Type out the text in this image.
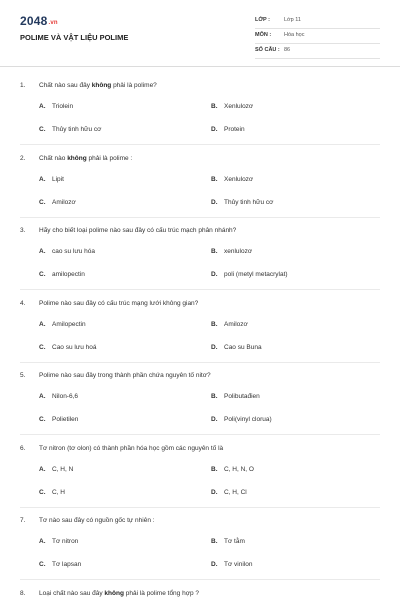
2048.vn
POLIME VÀ VẬT LIỆU POLIME
LỚP :	Lớp 11
MÔN : Hóa học
SỐ CÂU : 86
1. Chất nào sau đây không phải là polime?
A. Triolein	B. Xenlulozơ
C. Thủy tinh hữu cơ	D. Protein
2. Chất nào không phải là polime :
A. Lipit	B. Xenlulozơ
C. Amilozơ	D. Thủy tinh hữu cơ
3. Hãy cho biết loại polime nào sau đây có cấu trúc mạch phân nhánh?
A. cao su lưu hóa	B. xenlulozơ
C. amilopectin	D. poli (metyl metacrylat)
4. Polime nào sau đây có cấu trúc mạng lưới không gian?
A. Amilopectin	B. Amilozơ
C. Cao su lưu hoá	D. Cao su Buna
5. Polime nào sau đây trong thành phần chứa nguyên tố nitơ?
A. Nilon-6,6	B. Polibutađien
C. Polietilen	D. Poli(vinyl clorua)
6. Tơ nitron (tơ olon) có thành phần hóa học gồm các nguyên tố là
A. C, H, N	B. C, H, N, O
C. C, H	D. C, H, Cl
7. Tơ nào sau đây có nguồn gốc tự nhiên :
A. Tơ nitron	B. Tơ tằm
C. Tơ lapsan	D. Tơ vinilon
8. Loại chất nào sau đây không phải là polime tổng hợp ?
